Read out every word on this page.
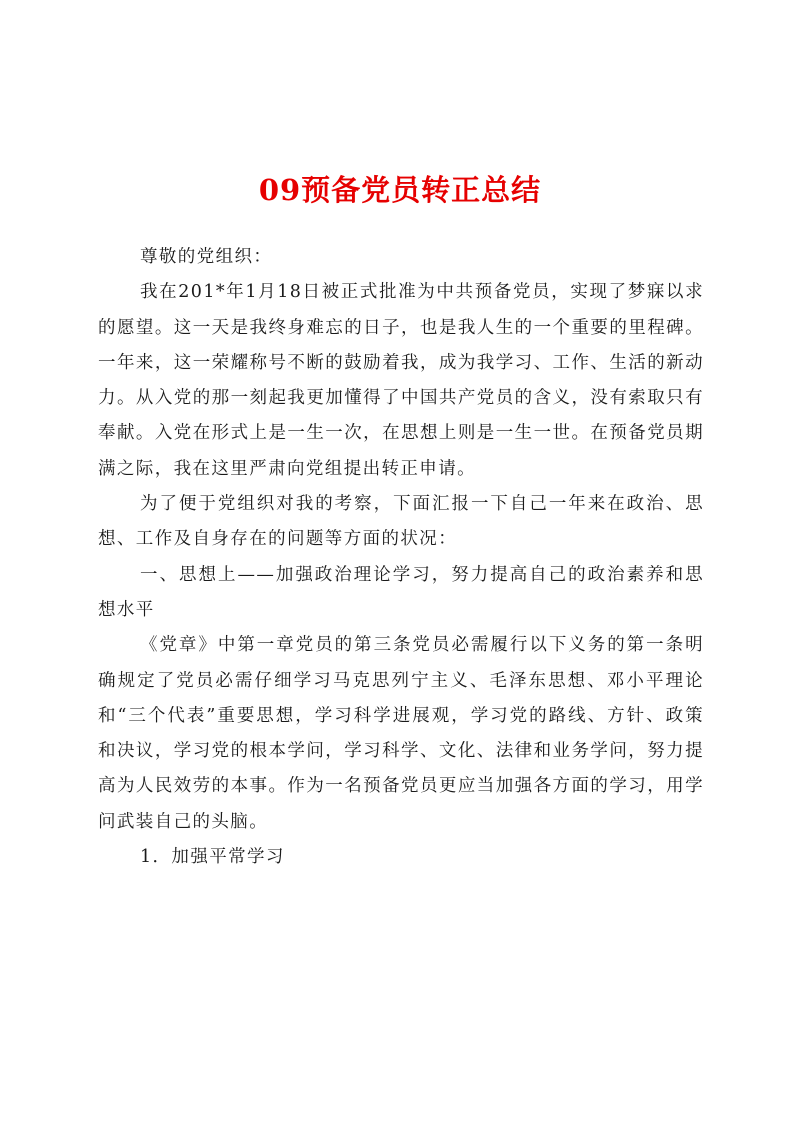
09预备党员转正总结

尊敬的党组织：

我在201*年1月18日被正式批准为中共预备党员，实现了梦寐以求的愿望。这一天是我终身难忘的日子，也是我人生的一个重要的里程碑。一年来，这一荣耀称号不断的鼓励着我，成为我学习、工作、生活的新动力。从入党的那一刻起我更加懂得了中国共产党员的含义，没有索取只有奉献。入党在形式上是一生一次，在思想上则是一生一世。在预备党员期满之际，我在这里严肃向党组提出转正申请。

为了便于党组织对我的考察，下面汇报一下自己一年来在政治、思想、工作及自身存在的问题等方面的状况：

一、思想上——加强政治理论学习，努力提高自己的政治素养和思想水平

《党章》中第一章党员的第三条党员必需履行以下义务的第一条明确规定了党员必需仔细学习马克思列宁主义、毛泽东思想、邓小平理论和“三个代表”重要思想，学习科学进展观，学习党的路线、方针、政策和决议，学习党的根本学问，学习科学、文化、法律和业务学问，努力提高为人民效劳的本事。作为一名预备党员更应当加强各方面的学习，用学问武装自己的头脑。

1．加强平常学习
